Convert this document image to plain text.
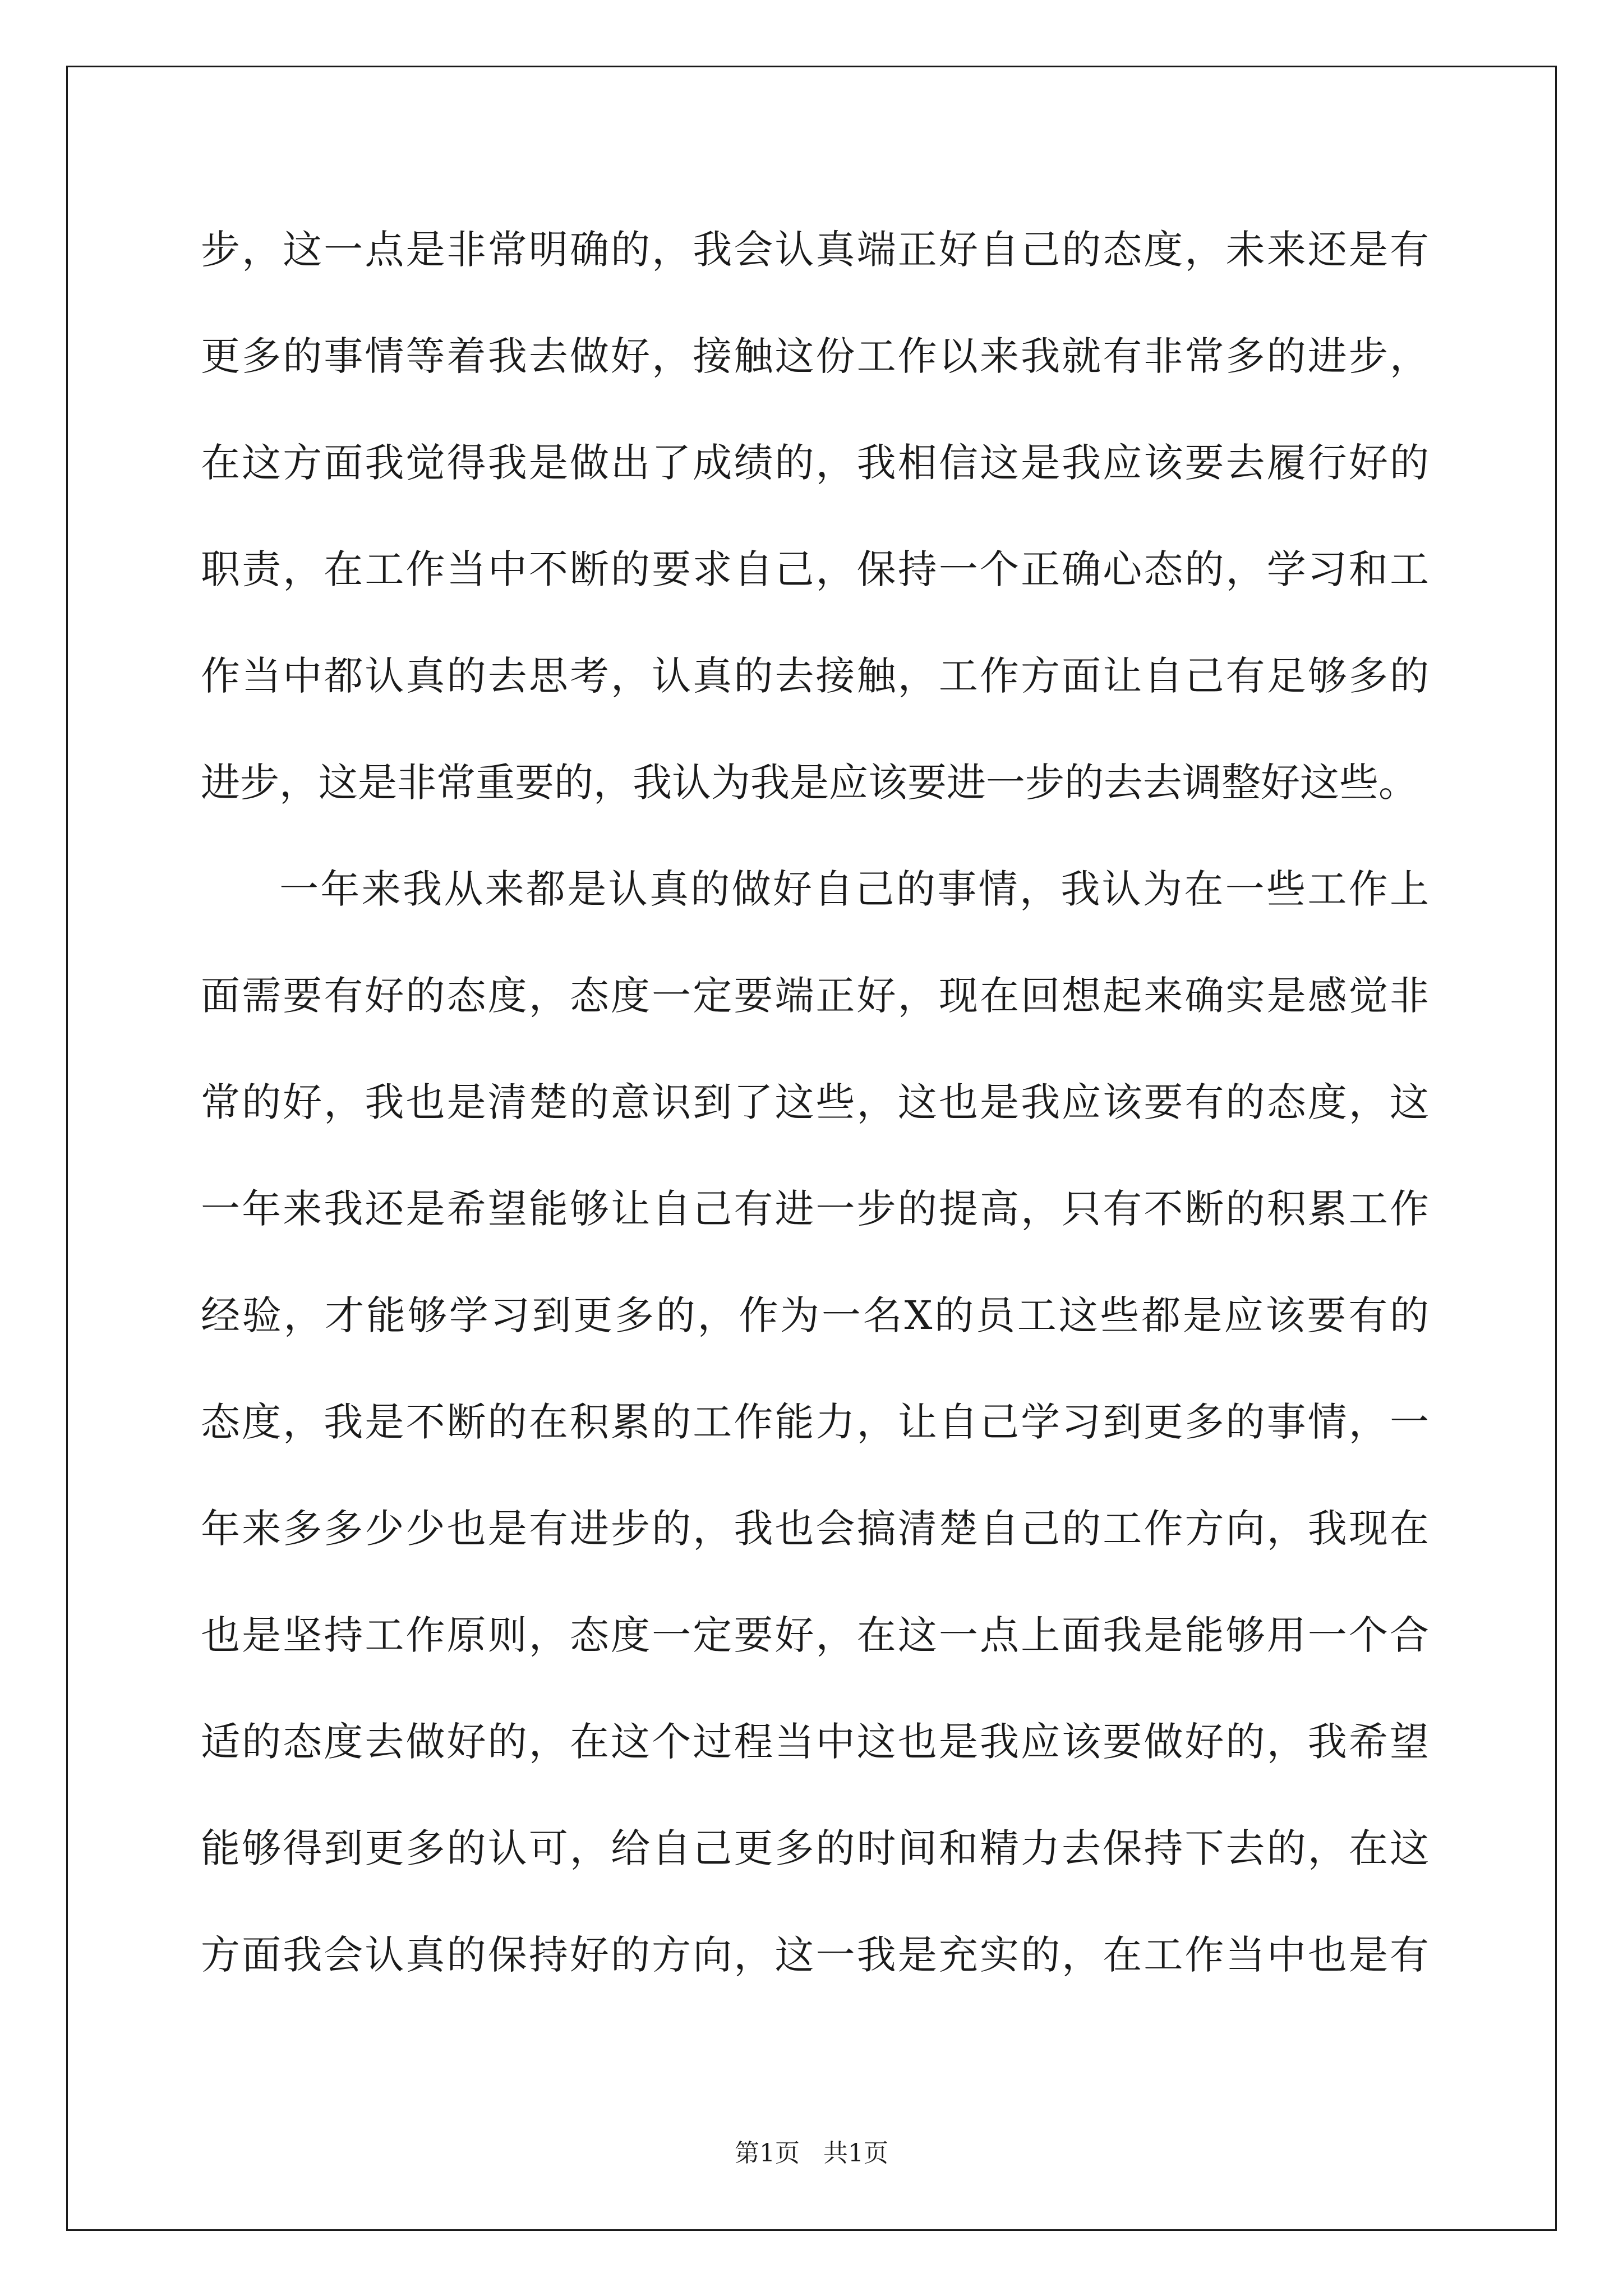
步，这一点是非常明确的，我会认真端正好自己的态度，未来还是有
更多的事情等着我去做好，接触这份工作以来我就有非常多的进步，
在这方面我觉得我是做出了成绩的，我相信这是我应该要去履行好的
职责，在工作当中不断的要求自己，保持一个正确心态的，学习和工
作当中都认真的去思考，认真的去接触，工作方面让自己有足够多的
进步，这是非常重要的，我认为我是应该要进一步的去去调整好这些。
一年来我从来都是认真的做好自己的事情，我认为在一些工作上
面需要有好的态度，态度一定要端正好，现在回想起来确实是感觉非
常的好，我也是清楚的意识到了这些，这也是我应该要有的态度，这
一年来我还是希望能够让自己有进一步的提高，只有不断的积累工作
经验，才能够学习到更多的，作为一名X的员工这些都是应该要有的
态度，我是不断的在积累的工作能力，让自己学习到更多的事情，一
年来多多少少也是有进步的，我也会搞清楚自己的工作方向，我现在
也是坚持工作原则，态度一定要好，在这一点上面我是能够用一个合
适的态度去做好的，在这个过程当中这也是我应该要做好的，我希望
能够得到更多的认可，给自己更多的时间和精力去保持下去的，在这
方面我会认真的保持好的方向，这一我是充实的，在工作当中也是有
第1页   共1页
